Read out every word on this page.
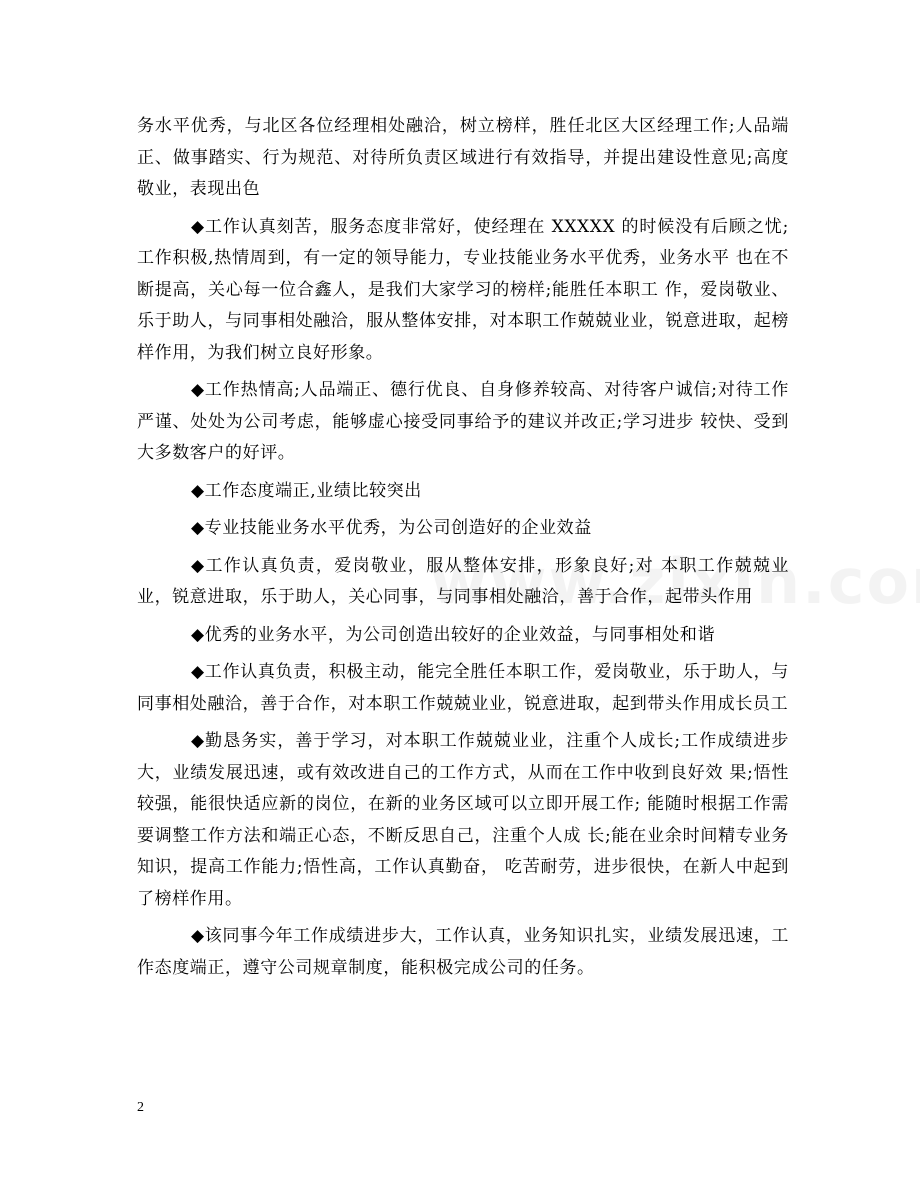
务水平优秀，与北区各位经理相处融洽，树立榜样，胜任北区大区经理工作;人品端正、做事踏实、行为规范、对待所负责区域进行有效指导，并提出建设性意见;高度敬业，表现出色

◆工作认真刻苦，服务态度非常好，使经理在 XXXXX 的时候没有后顾之忧;工作积极,热情周到，有一定的领导能力，专业技能业务水平优秀，业务水平 也在不断提高，关心每一位合鑫人，是我们大家学习的榜样;能胜任本职工 作，爱岗敬业、乐于助人，与同事相处融洽，服从整体安排，对本职工作兢兢业业，锐意进取，起榜样作用，为我们树立良好形象。

◆工作热情高;人品端正、德行优良、自身修养较高、对待客户诚信;对待工作严谨、处处为公司考虑，能够虚心接受同事给予的建议并改正;学习进步 较快、受到大多数客户的好评。

◆工作态度端正,业绩比较突出

◆专业技能业务水平优秀，为公司创造好的企业效益

◆工作认真负责，爱岗敬业，服从整体安排，形象良好;对 本职工作兢兢业业，锐意进取，乐于助人，关心同事，与同事相处融洽，善于合作，起带头作用

◆优秀的业务水平，为公司创造出较好的企业效益，与同事相处和谐

◆工作认真负责，积极主动，能完全胜任本职工作，爱岗敬业，乐于助人，与同事相处融洽，善于合作，对本职工作兢兢业业，锐意进取，起到带头作用成长员工

◆勤恳务实，善于学习，对本职工作兢兢业业，注重个人成长;工作成绩进步 大，业绩发展迅速，或有效改进自己的工作方式，从而在工作中收到良好效 果;悟性较强，能很快适应新的岗位，在新的业务区域可以立即开展工作; 能随时根据工作需要调整工作方法和端正心态，不断反思自己，注重个人成 长;能在业余时间精专业务知识，提高工作能力;悟性高，工作认真勤奋， 吃苦耐劳，进步很快，在新人中起到了榜样作用。

◆该同事今年工作成绩进步大，工作认真，业务知识扎实，业绩发展迅速，工 作态度端正，遵守公司规章制度，能积极完成公司的任务。

2
